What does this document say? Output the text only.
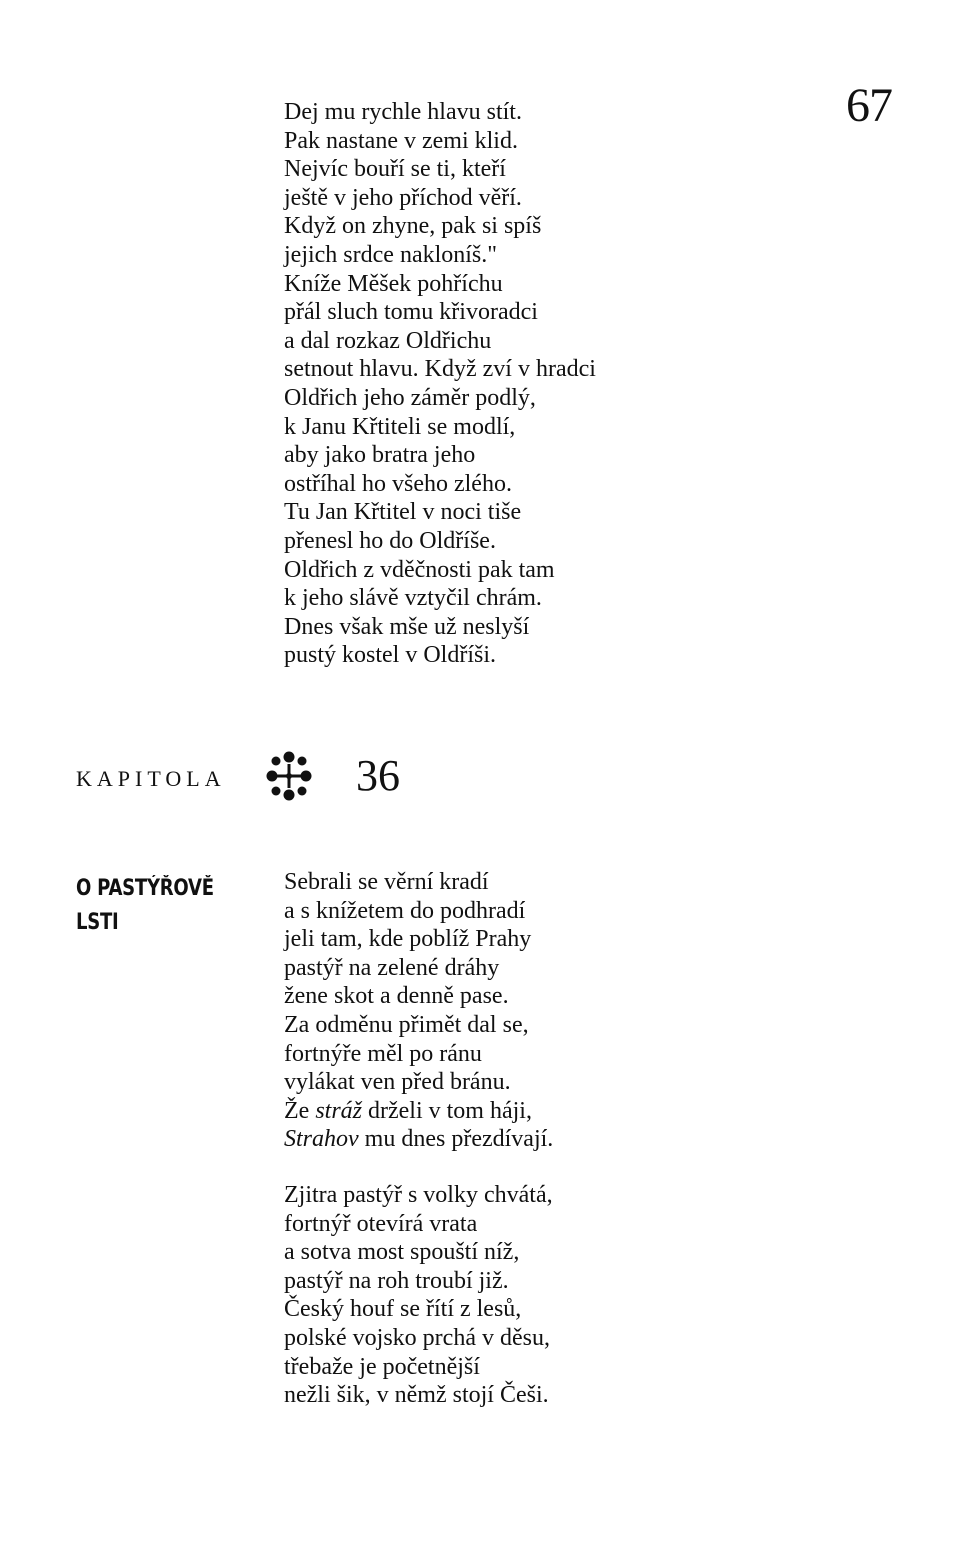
67
Dej mu rychle hlavu stít.
Pak nastane v zemi klid.
Nejvíc bouří se ti, kteří
ještě v jeho příchod věří.
Když on zhyne, pak si spíš
jejich srdce nakloníš."
Kníže Měšek pohříchu
přál sluch tomu křivoradci
a dal rozkaz Oldřichu
setnout hlavu. Když zví v hradci
Oldřich jeho záměr podlý,
k Janu Křtiteli se modlí,
aby jako bratra jeho
ostříhal ho všeho zlého.
Tu Jan Křtitel v noci tiše
přenesl ho do Oldříše.
Oldřich z vděčnosti pak tam
k jeho slávě vztyčil chrám.
Dnes však mše už neslyší
pustý kostel v Oldříši.
KAPITOLA	36
O PASTÝŘOVĚ
LSTI
Sebrali se věrní kradí
a s knížetem do podhradí
jeli tam, kde poblíž Prahy
pastýř na zelené dráhy
žene skot a denně pase.
Za odměnu přimět dal se,
fortnýře měl po ránu
vylákat ven před bránu.
Že stráž drželi v tom háji,
Strahov mu dnes přezdívají.
Zjitra pastýř s volky chvátá,
fortnýř otevírá vrata
a sotva most spouští níž,
pastýř na roh troubí již.
Český houf se řítí z lesů,
polské vojsko prchá v děsu,
třebaže je početnější
nežli šik, v němž stojí Češi.
